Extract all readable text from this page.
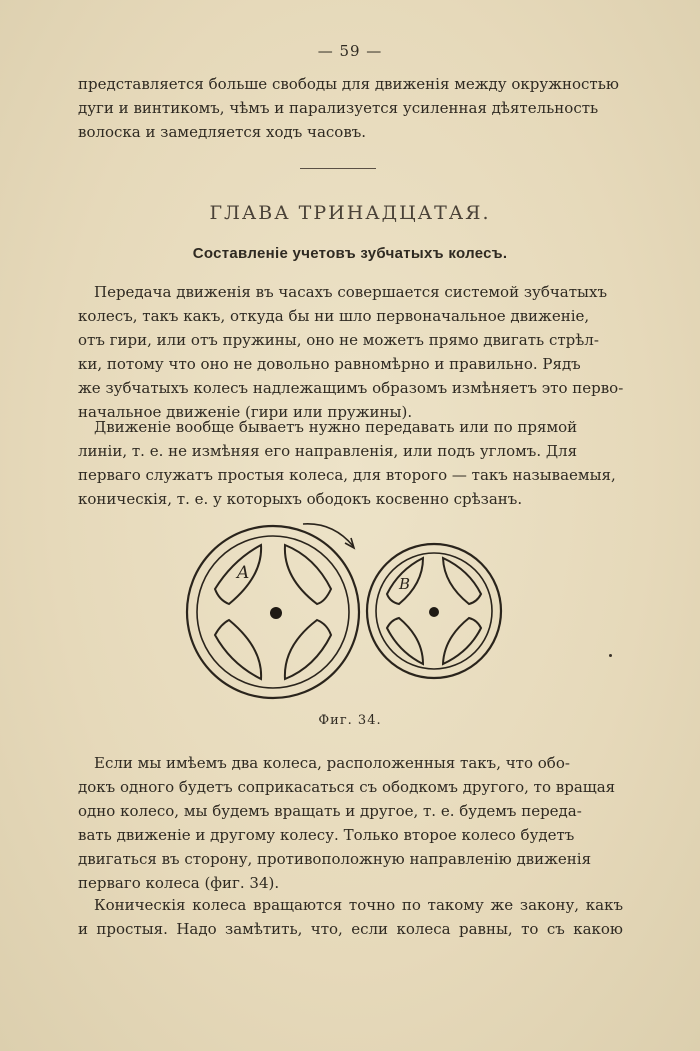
— 59 —
представляется больше свободы для движенія между окружностью
дуги и винтикомъ, чѣмъ и парализуется усиленная дѣятельность
волоска и замедляется ходъ часовъ.
ГЛАВА ТРИНАДЦАТАЯ.
Составленіе учетовъ зубчатыхъ колесъ.
Передача движенія въ часахъ совершается системой зубчатыхъ
колесъ, такъ какъ, откуда бы ни шло первоначальное движеніе,
отъ гири, или отъ пружины, оно не можетъ прямо двигать стрѣл-
ки, потому что оно не довольно равномѣрно и правильно. Рядъ
же зубчатыхъ колесъ надлежащимъ образомъ измѣняетъ это перво-
начальное движеніе (гири или пружины).
Движеніе вообще бываетъ нужно передавать или по прямой
линіи, т. е. не измѣняя его направленія, или подъ угломъ. Для
перваго служатъ простыя колеса, для второго — такъ называемыя,
коническія, т. е. у которыхъ ободокъ косвенно срѣзанъ.
A
B
Фиг. 34.
Если мы имѣемъ два колеса, расположенныя такъ, что обо-
докъ одного будетъ соприкасаться съ ободкомъ другого, то вращая
одно колесо, мы будемъ вращать и другое, т. е. будемъ переда-
вать движеніе и другому колесу. Только второе колесо будетъ
двигаться въ сторону, противоположную направленію движенія
перваго колеса (фиг. 34).
Коническія колеса вращаются точно по такому же закону, какъ
и простыя. Надо замѣтить, что, если колеса равны, то съ какою
